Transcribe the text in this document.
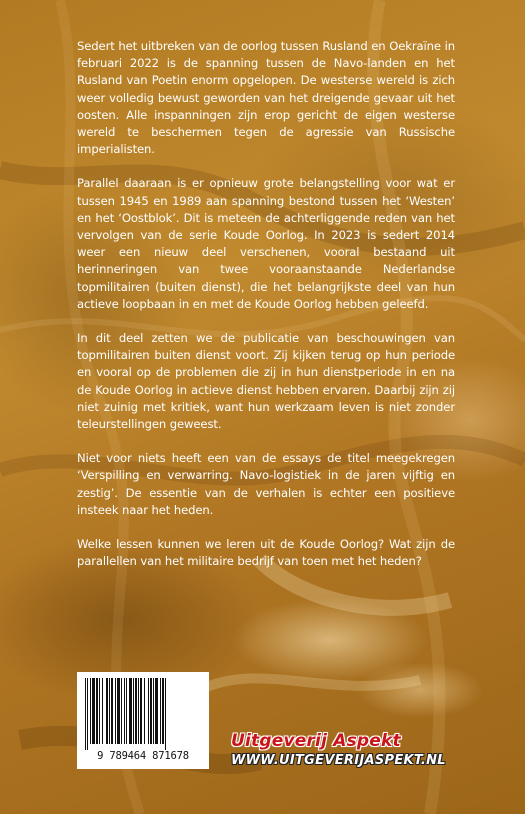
Sedert het uitbreken van de oorlog tussen Rusland en Oekraïne in februari 2022 is de spanning tussen de Navo-landen en het Rusland van Poetin enorm opgelopen. De westerse wereld is zich weer volledig bewust geworden van het dreigende gevaar uit het oosten. Alle inspanningen zijn erop gericht de eigen westerse wereld te beschermen tegen de agressie van Russische imperialisten.

Parallel daaraan is er opnieuw grote belangstelling voor wat er tussen 1945 en 1989 aan spanning bestond tussen het ‘Westen’ en het ‘Oostblok’. Dit is meteen de achterliggende reden van het vervolgen van de serie Koude Oorlog. In 2023 is sedert 2014 weer een nieuw deel verschenen, vooral bestaand uit herinneringen van twee vooraanstaande Nederlandse topmilitairen (buiten dienst), die het belangrijkste deel van hun actieve loopbaan in en met de Koude Oorlog hebben geleefd.

In dit deel zetten we de publicatie van beschouwingen van topmilitairen buiten dienst voort. Zij kijken terug op hun periode en vooral op de problemen die zij in hun dienstperiode in en na de Koude Oorlog in actieve dienst hebben ervaren. Daarbij zijn zij niet zuinig met kritiek, want hun werkzaam leven is niet zonder teleurstellingen geweest.

Niet voor niets heeft een van de essays de titel meegekregen ‘Verspilling en verwarring. Navo-logistiek in de jaren vijftig en zestig’. De essentie van de verhalen is echter een positieve insteek naar het heden.

Welke lessen kunnen we leren uit de Koude Oorlog? Wat zijn de parallellen van het militaire bedrijf van toen met het heden?

9 789464 871678
Uitgeverij Aspekt
WWW.UITGEVERIJASPEKT.NL
